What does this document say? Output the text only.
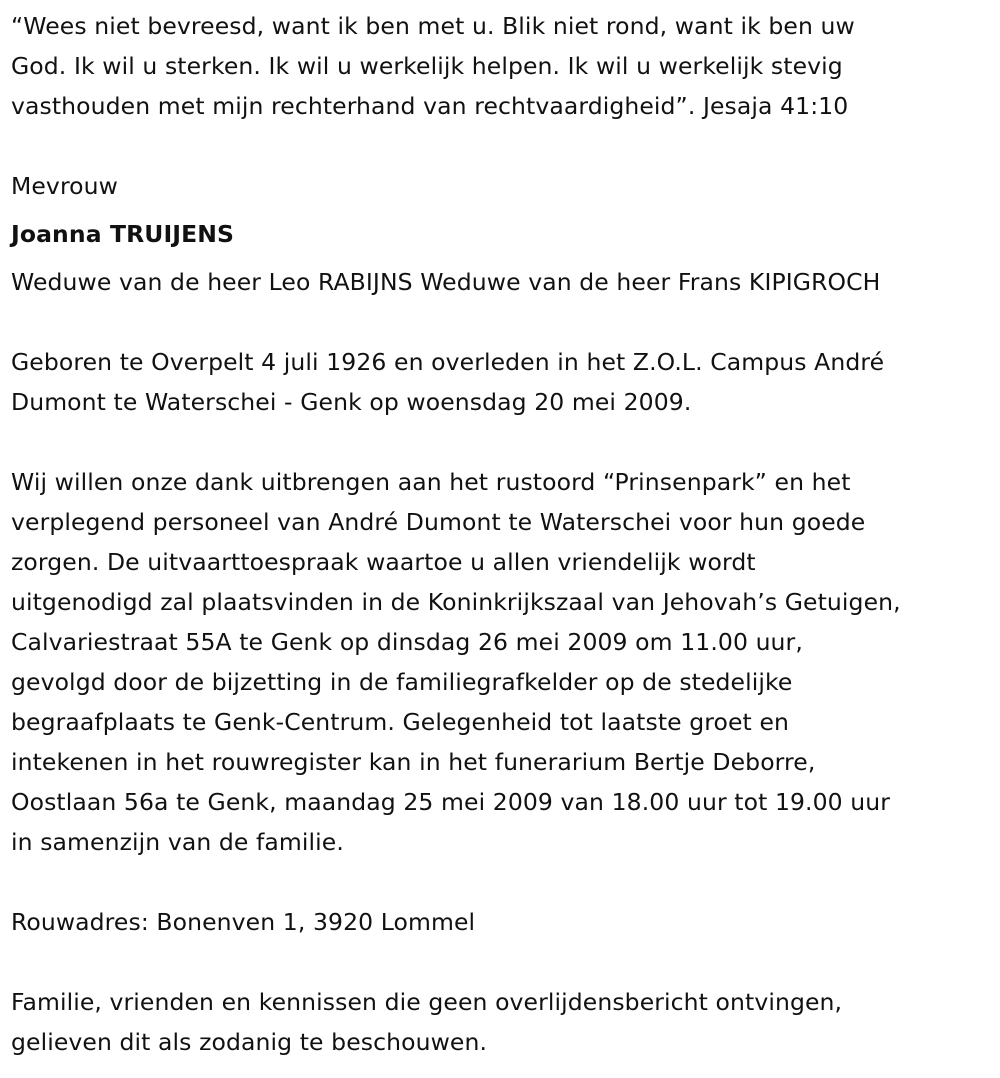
“Wees niet bevreesd, want ik ben met u. Blik niet rond, want ik ben uw
God. Ik wil u sterken. Ik wil u werkelijk helpen. Ik wil u werkelijk stevig
vasthouden met mijn rechterhand van rechtvaardigheid”. Jesaja 41:10

Mevrouw

Joanna TRUIJENS

Weduwe van de heer Leo RABIJNS Weduwe van de heer Frans KIPIGROCH

Geboren te Overpelt 4 juli 1926 en overleden in het Z.O.L. Campus André
Dumont te Waterschei - Genk op woensdag 20 mei 2009.

Wij willen onze dank uitbrengen aan het rustoord “Prinsenpark” en het
verplegend personeel van André Dumont te Waterschei voor hun goede
zorgen. De uitvaarttoespraak waartoe u allen vriendelijk wordt
uitgenodigd zal plaatsvinden in de Koninkrijkszaal van Jehovah’s Getuigen,
Calvariestraat 55A te Genk op dinsdag 26 mei 2009 om 11.00 uur,
gevolgd door de bijzetting in de familiegrafkelder op de stedelijke
begraafplaats te Genk-Centrum. Gelegenheid tot laatste groet en
intekenen in het rouwregister kan in het funerarium Bertje Deborre,
Oostlaan 56a te Genk, maandag 25 mei 2009 van 18.00 uur tot 19.00 uur
in samenzijn van de familie.

Rouwadres: Bonenven 1, 3920 Lommel

Familie, vrienden en kennissen die geen overlijdensbericht ontvingen,
gelieven dit als zodanig te beschouwen.
